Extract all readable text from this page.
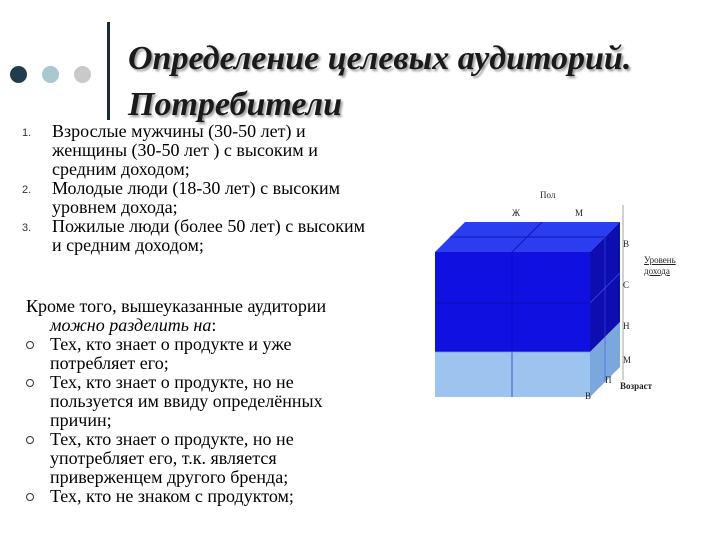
Определение целевых аудиторий.
Потребители
1. Взрослые мужчины (30-50 лет) и
женщины (30-50 лет ) с высоким и
средним доходом;
2. Молодые люди (18-30 лет) с высоким
уровнем дохода;
3. Пожилые люди (более 50 лет) с высоким
и средним доходом;
Кроме того, вышеуказанные аудитории
можно разделить на:
Тех, кто знает о продукте и уже
потребляет его;
Тех, кто знает о продукте, но не
пользуется им ввиду определённых
причин;
Тех, кто знает о продукте, но не
употребляет его, т.к. является
приверженцем другого бренда;
Тех, кто не знаком с продуктом;
Пол
Ж	М
В
Уровень дохода
С
Н
М
П
Возраст
В
